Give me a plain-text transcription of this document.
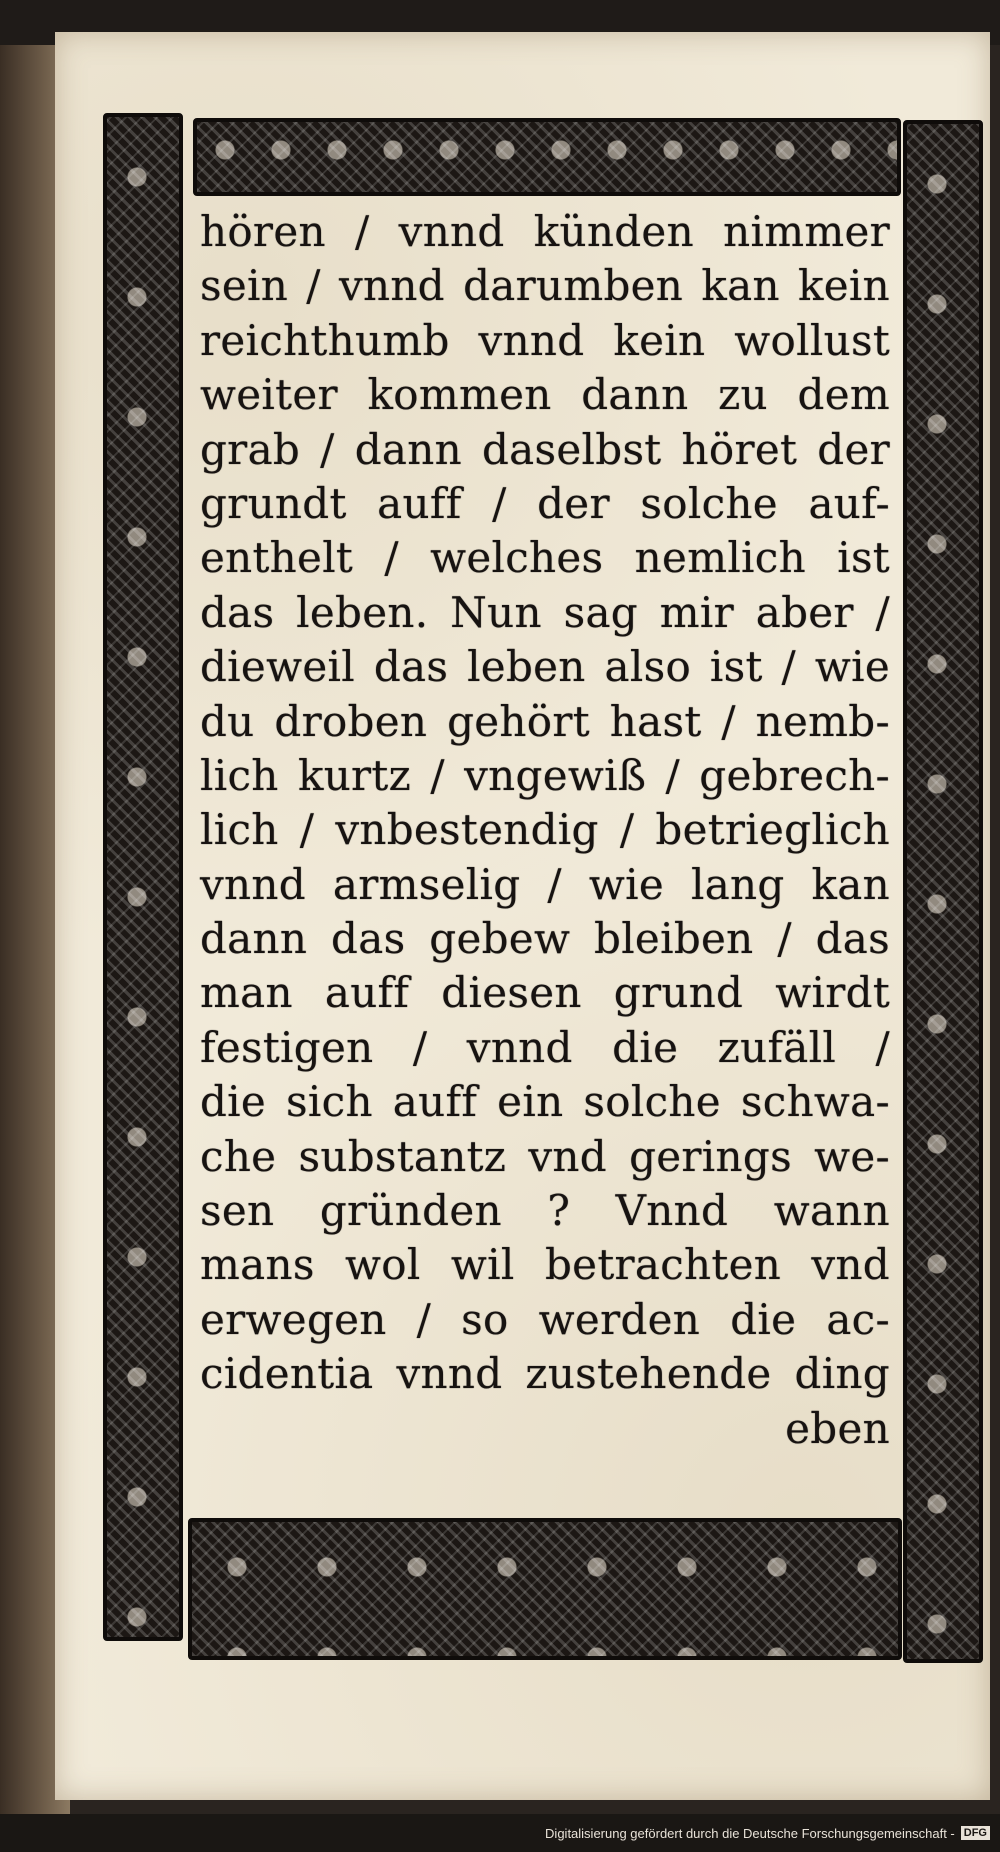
hören / vnnd künden nimmer
sein / vnnd darumben kan kein
reichthumb vnnd kein wollust
weiter kommen dann zu dem
grab / dann daselbst höret der
grundt auff / der solche auf-
enthelt / welches nemlich ist
das leben. Nun sag mir aber /
dieweil das leben also ist / wie
du droben gehört hast / nemb-
lich kurtz / vngewiß / gebrech-
lich / vnbestendig / betrieglich
vnnd armselig / wie lang kan
dann das gebew bleiben / das
man auff diesen grund wirdt
festigen / vnnd die zufäll /
die sich auff ein solche schwa-
che substantz vnd gerings we-
sen gründen ? Vnnd wann
mans wol wil betrachten vnd
erwegen / so werden die ac-
cidentia vnnd zustehende ding
eben
Digitalisierung gefördert durch die Deutsche Forschungsgemeinschaft - DFG
